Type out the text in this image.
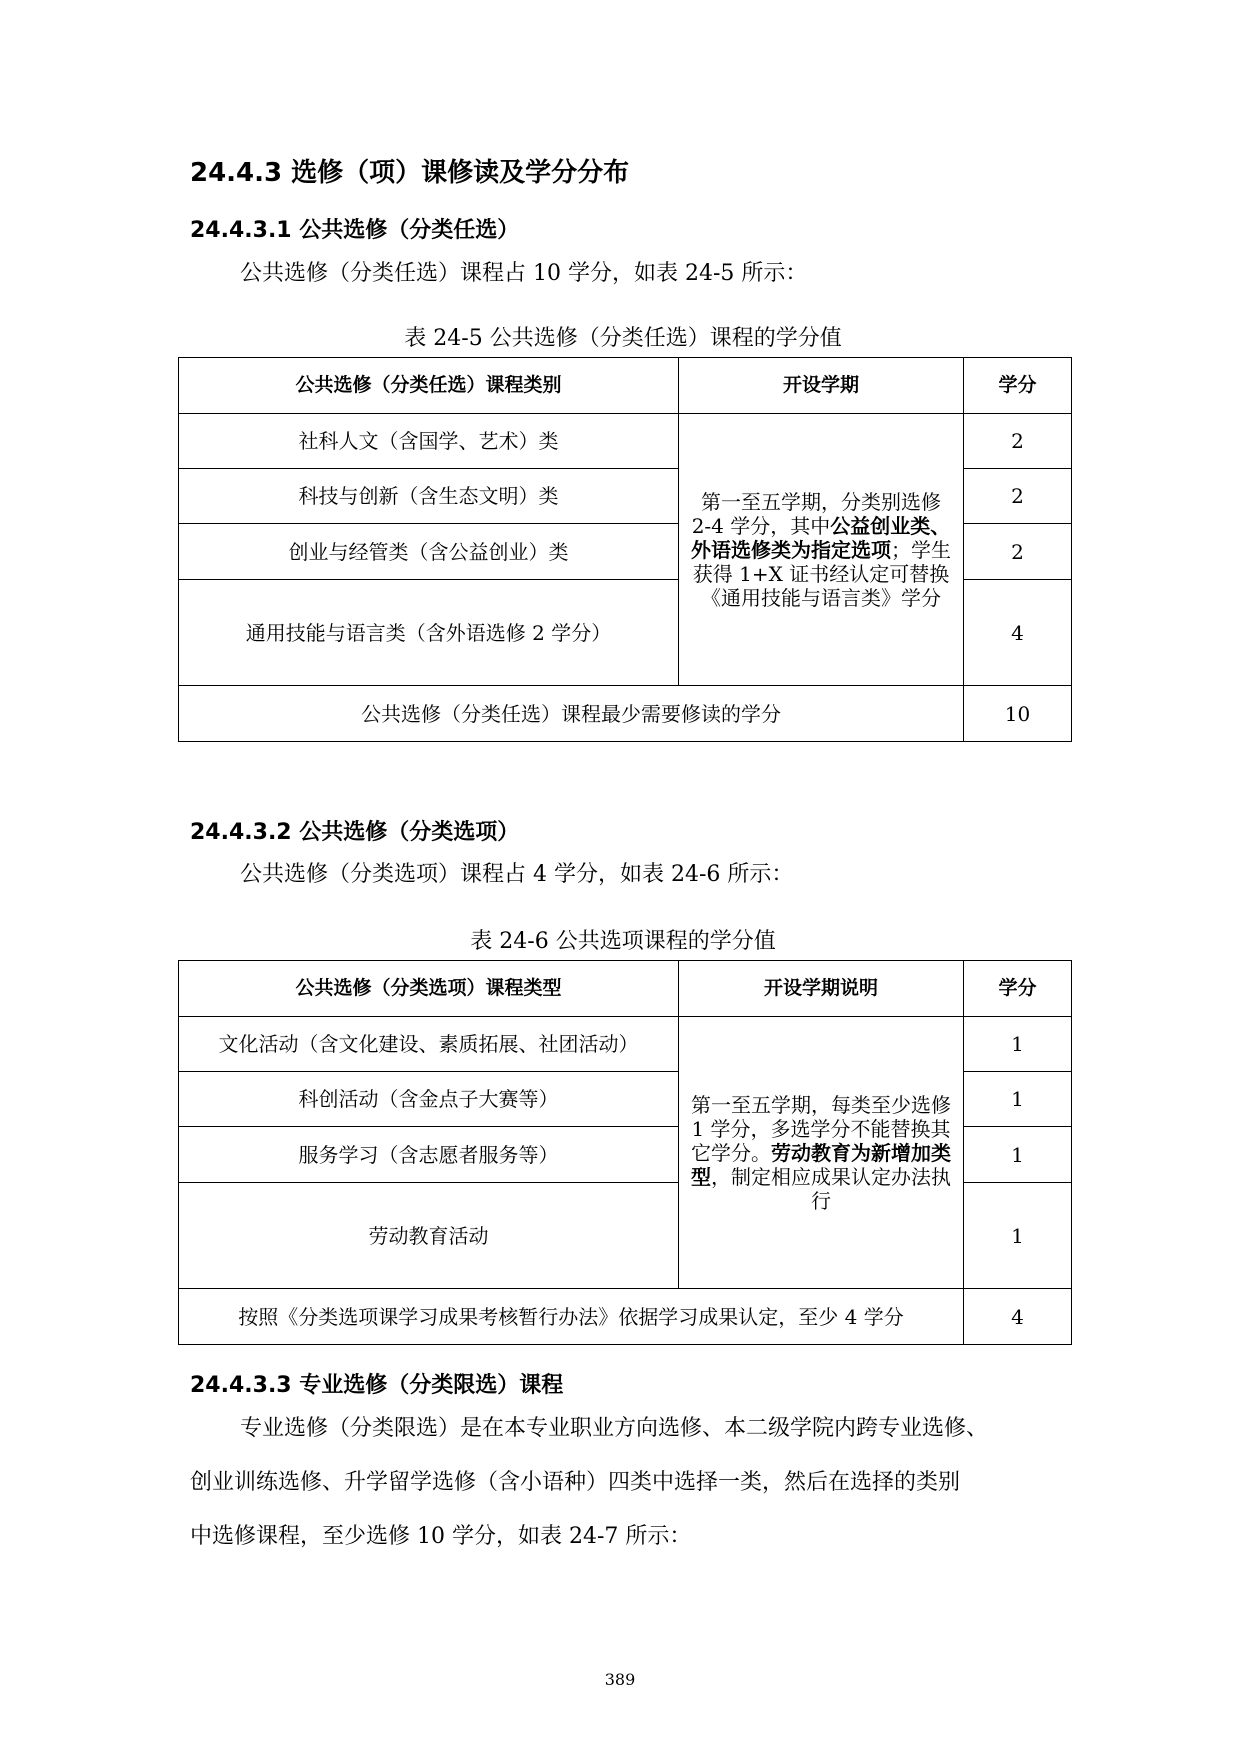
24.4.3 选修（项）课修读及学分分布
24.4.3.1 公共选修（分类任选）
公共选修（分类任选）课程占 10 学分，如表 24-5 所示：
表 24-5 公共选修（分类任选）课程的学分值
公共选修（分类任选）课程类别	开设学期	学分
社科人文（含国学、艺术）类	第一至五学期，分类别选修
2-4 学分，其中公益创业类、
外语选修类为指定选项；学生
获得 1+X 证书经认定可替换
《通用技能与语言类》学分	2
科技与创新（含生态文明）类		2
创业与经管类（含公益创业）类		2
通用技能与语言类（含外语选修 2 学分）		4
公共选修（分类任选）课程最少需要修读的学分		10
24.4.3.2 公共选修（分类选项）
公共选修（分类选项）课程占 4 学分，如表 24-6 所示：
表 24-6 公共选项课程的学分值
公共选修（分类选项）课程类型	开设学期说明	学分
文化活动（含文化建设、素质拓展、社团活动）	第一至五学期，每类至少选修
1 学分，多选学分不能替换其
它学分。劳动教育为新增加类
型，制定相应成果认定办法执
行	1
科创活动（含金点子大赛等）		1
服务学习（含志愿者服务等）		1
劳动教育活动		1
按照《分类选项课学习成果考核暂行办法》依据学习成果认定，至少 4 学分		4
24.4.3.3 专业选修（分类限选）课程
专业选修（分类限选）是在本专业职业方向选修、本二级学院内跨专业选修、
创业训练选修、升学留学选修（含小语种）四类中选择一类，然后在选择的类别
中选修课程，至少选修 10 学分，如表 24-7 所示：
389
